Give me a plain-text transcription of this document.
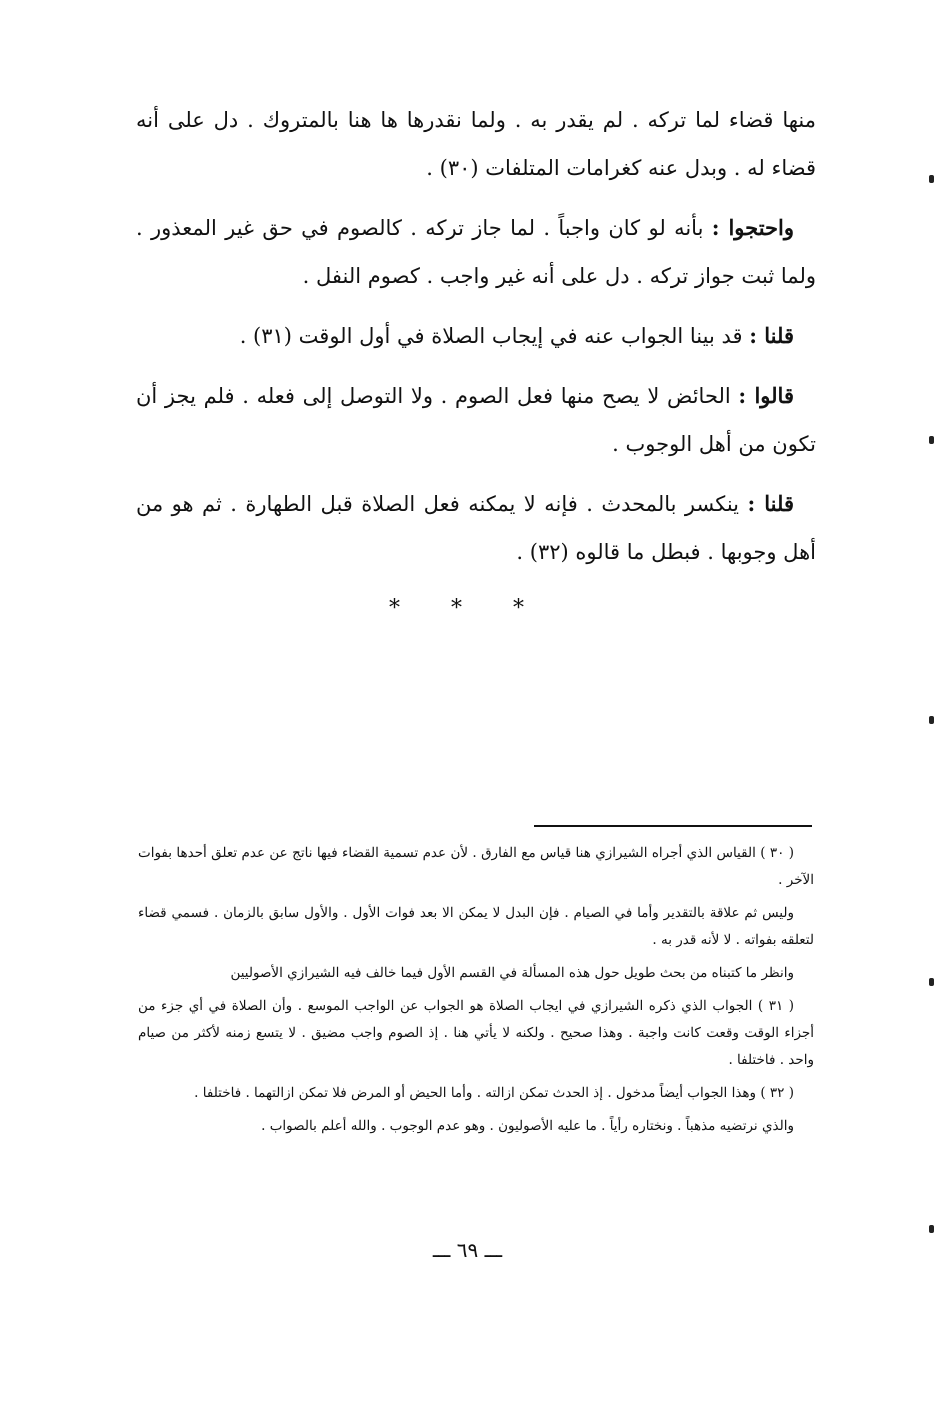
منها قضاء لما تركه . لم يقدر به . ولما نقدرها ها هنا بالمتروك . دل على أنه قضاء له . وبدل عنه كغرامات المتلفات (٣٠) .

واحتجوا : بأنه لو كان واجباً . لما جاز تركه . كالصوم في حق غير المعذور . ولما ثبت جواز تركه . دل على أنه غير واجب . كصوم النفل .

قلنا : قد بينا الجواب عنه في إيجاب الصلاة في أول الوقت (٣١) .

قالوا : الحائض لا يصح منها فعل الصوم . ولا التوصل إلى فعله . فلم يجز أن تكون من أهل الوجوب .

قلنا : ينكسر بالمحدث . فإنه لا يمكنه فعل الصلاة قبل الطهارة . ثم هو من أهل وجوبها . فبطل ما قالوه (٣٢) .

* * *

( ٣٠ ) القياس الذي أجراه الشيرازي هنا قياس مع الفارق . لأن عدم تسمية القضاء فيها ناتج عن عدم تعلق أحدها بفوات الآخر .

وليس ثم علاقة بالتقدير وأما في الصيام . فإن البدل لا يمكن الا بعد فوات الأول . والأول سابق بالزمان . فسمي قضاء لتعلقه بفواته . لا لأنه قدر به .

وانظر ما كتبناه من بحث طويل حول هذه المسألة في القسم الأول فيما خالف فيه الشيرازي الأصوليين

( ٣١ ) الجواب الذي ذكره الشيرازي في ايجاب الصلاة هو الجواب عن الواجب الموسع . وأن الصلاة في أي جزء من أجزاء الوقت وقعت كانت واجبة . وهذا صحيح . ولكنه لا يأتي هنا . إذ الصوم واجب مضيق . لا يتسع زمنه لأكثر من صيام واحد . فاختلفا .

( ٣٢ ) وهذا الجواب أيضاً مدخول . إذ الحدث تمكن ازالته . وأما الحيض أو المرض فلا تمكن ازالتهما . فاختلفا .

والذي نرتضيه مذهباً . ونختاره رأياً . ما عليه الأصوليون . وهو عدم الوجوب . والله أعلم بالصواب .

ـــ ٦٩ ـــ
